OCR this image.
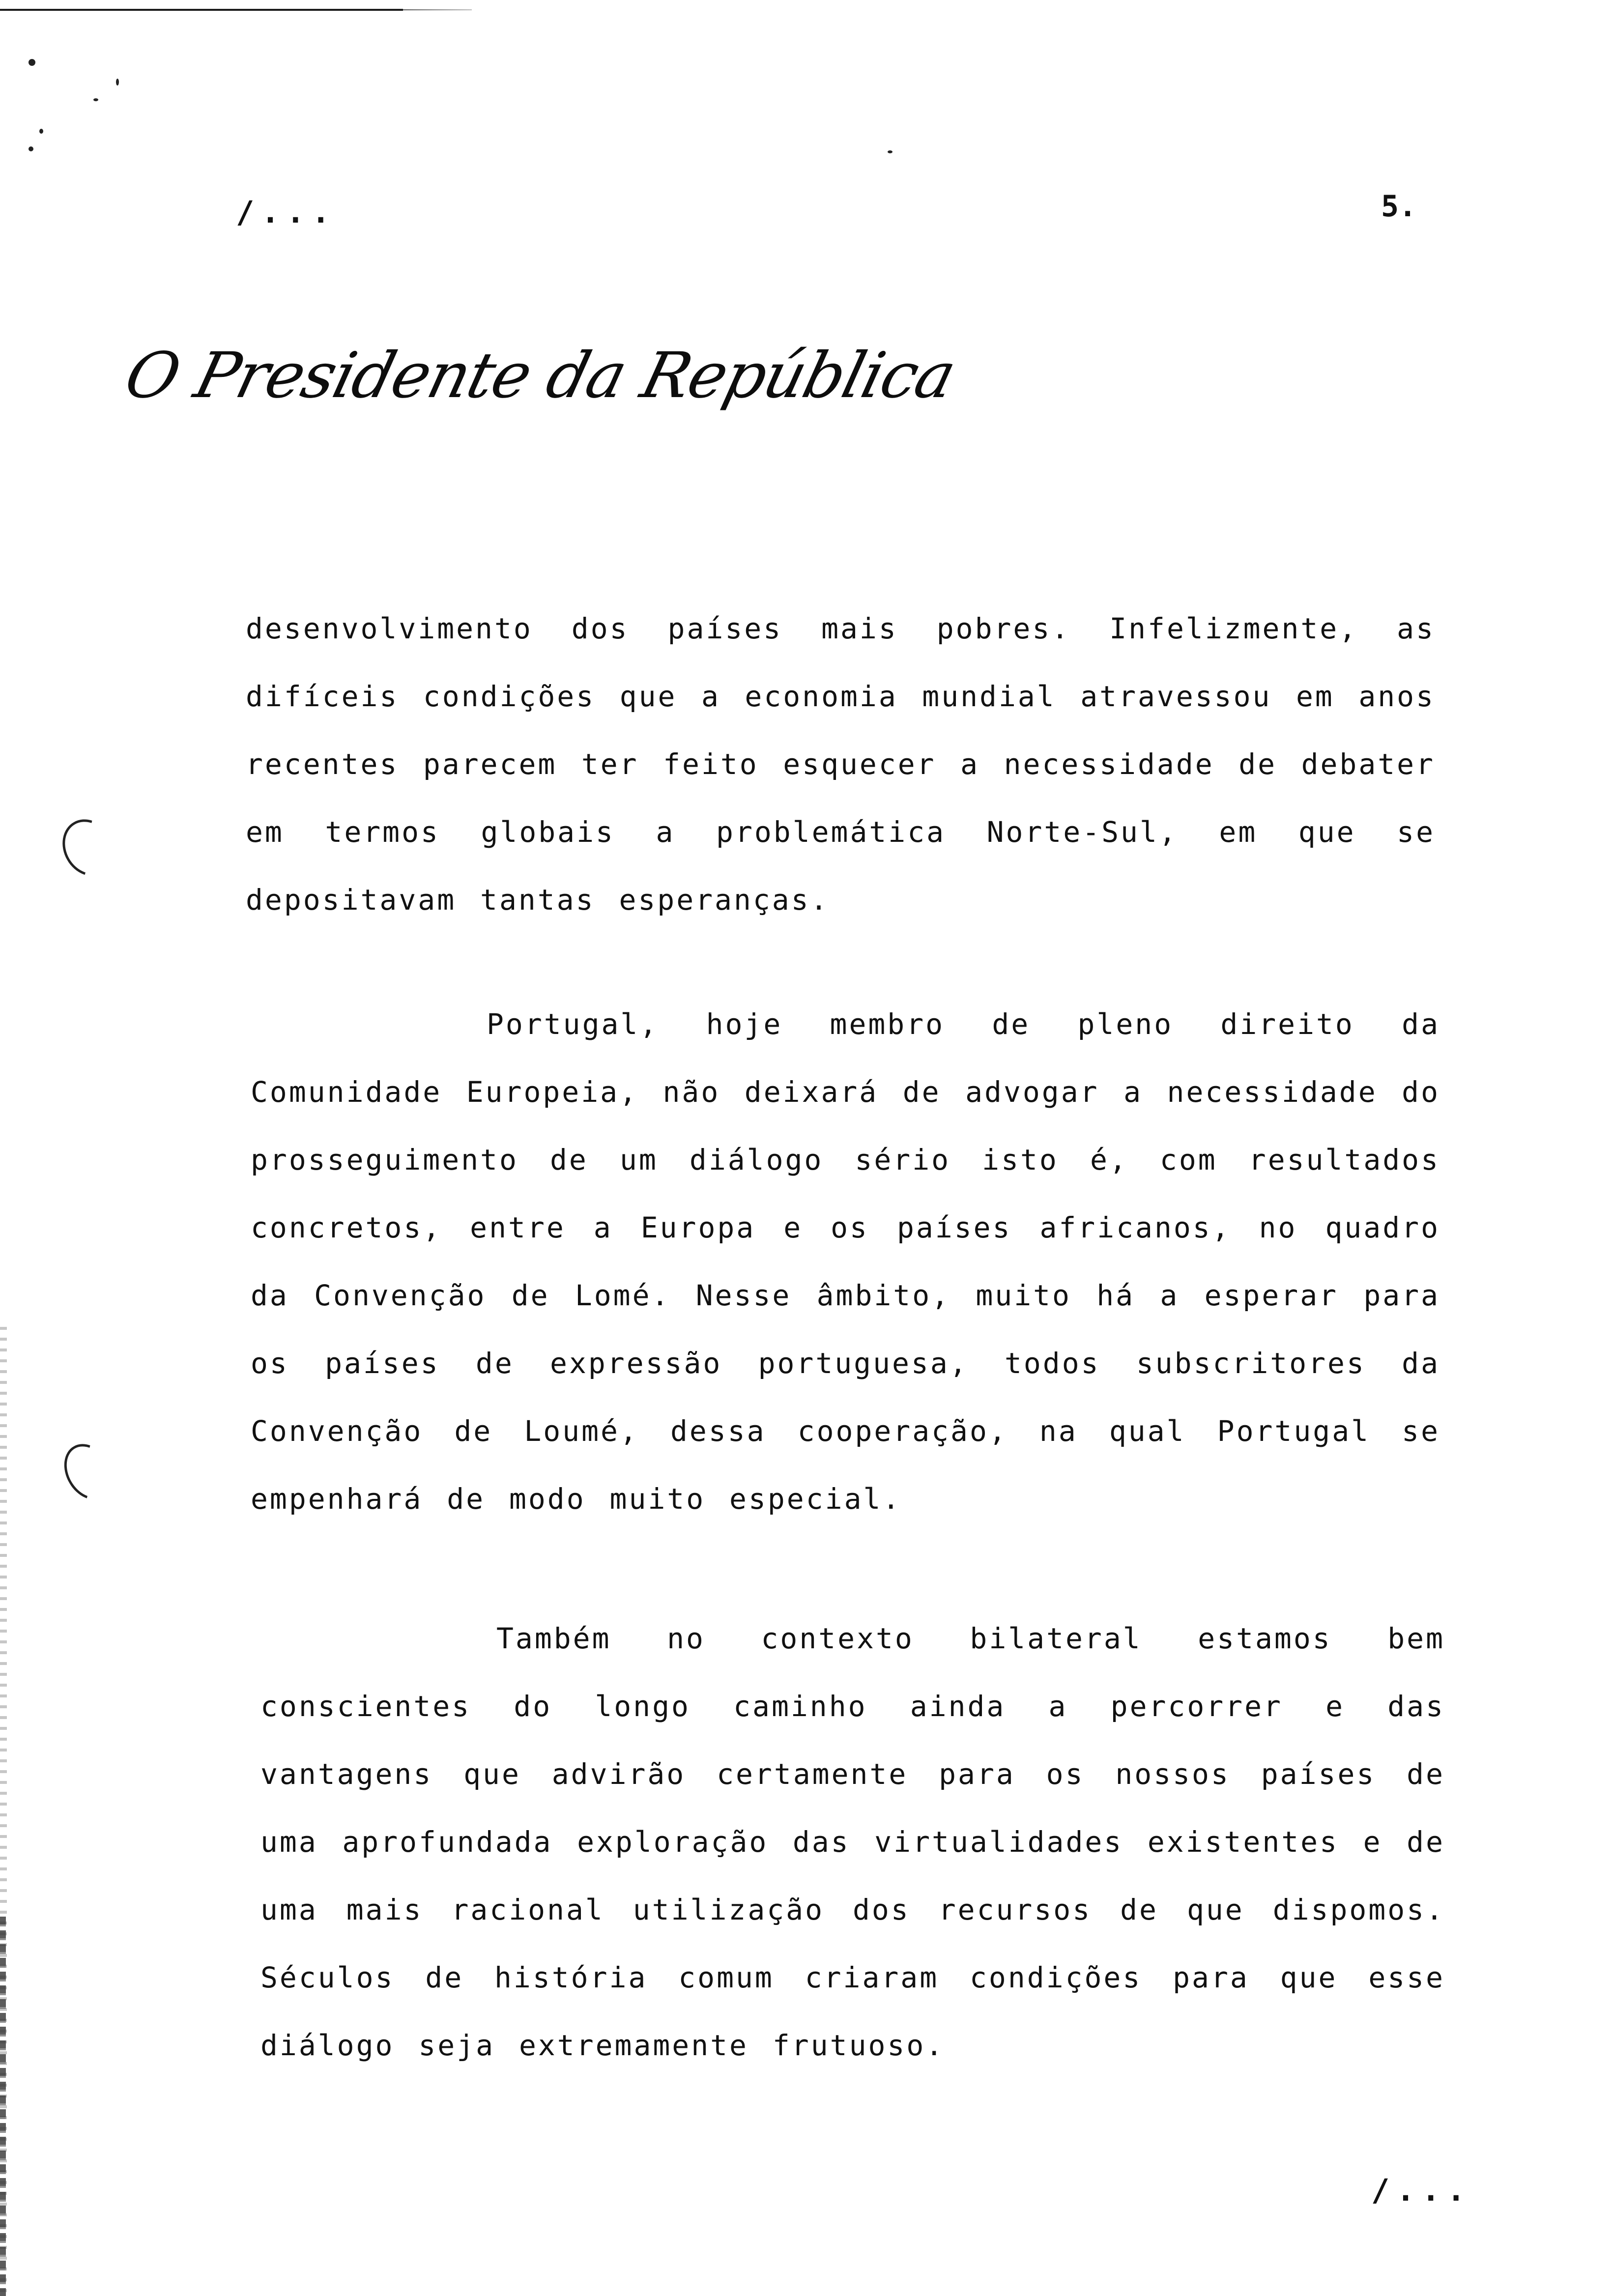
/...	5.
O Presidente da República

desenvolvimento dos países mais pobres. Infelizmente, as difíceis condições que a economia mundial atravessou em anos recentes parecem ter feito esquecer a necessidade de debater em termos globais a problemática Norte-Sul, em que se depositavam tantas esperanças.

Portugal, hoje membro de pleno direito da Comunidade Europeia, não deixará de advogar a necessidade do prosseguimento de um diálogo sério isto é, com resultados concretos, entre a Europa e os países africanos, no quadro da Convenção de Lomé. Nesse âmbito, muito há a esperar para os países de expressão portuguesa, todos subscritores da Convenção de Loumé, dessa cooperação, na qual Portugal se empenhará de modo muito especial.

Também no contexto bilateral estamos bem conscientes do longo caminho ainda a percorrer e das vantagens que advirão certamente para os nossos países de uma aprofundada exploração das virtualidades existentes e de uma mais racional utilização dos recursos de que dispomos. Séculos de história comum criaram condições para que esse diálogo seja extremamente frutuoso.

/...
